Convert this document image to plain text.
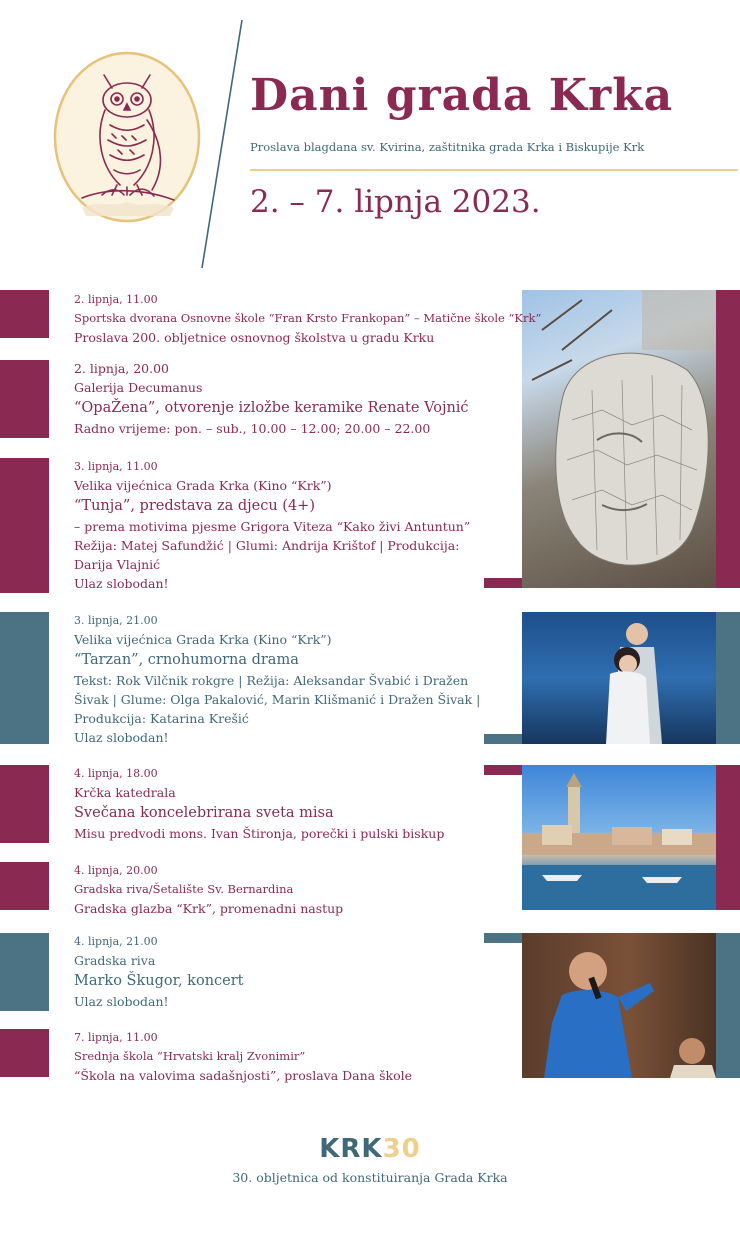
Dani grada Krka
Proslava blagdana sv. Kvirina, zaštitnika grada Krka i Biskupije Krk
2. – 7. lipnja 2023.
2. lipnja, 11.00
Sportska dvorana Osnovne škole “Fran Krsto Frankopan” – Matične škole “Krk”
Proslava 200. obljetnice osnovnog školstva u gradu Krku
2. lipnja, 20.00
Galerija Decumanus
“OpaŽena”, otvorenje izložbe keramike Renate Vojnić
Radno vrijeme: pon. – sub., 10.00 – 12.00; 20.00 – 22.00
3. lipnja, 11.00
Velika vijećnica Grada Krka (Kino “Krk”)
“Tunja”, predstava za djecu (4+)
– prema motivima pjesme Grigora Viteza “Kako živi Antuntun”
Režija: Matej Safundžić | Glumi: Andrija Krištof | Produkcija:
Darija Vlajnić
Ulaz slobodan!
3. lipnja, 21.00
Velika vijećnica Grada Krka (Kino “Krk”)
“Tarzan”, crnohumorna drama
Tekst: Rok Vilčnik rokgre | Režija: Aleksandar Švabić i Dražen
Šivak | Glume: Olga Pakalović, Marin Klišmanić i Dražen Šivak |
Produkcija: Katarina Krešić
Ulaz slobodan!
4. lipnja, 18.00
Krčka katedrala
Svečana koncelebrirana sveta misa
Misu predvodi mons. Ivan Štironja, porečki i pulski biskup
4. lipnja, 20.00
Gradska riva/Šetalište Sv. Bernardina
Gradska glazba “Krk”, promenadni nastup
4. lipnja, 21.00
Gradska riva
Marko Škugor, koncert
Ulaz slobodan!
7. lipnja, 11.00
Srednja škola “Hrvatski kralj Zvonimir”
“Škola na valovima sadašnjosti”, proslava Dana škole
KRK30
30. obljetnica od konstituiranja Grada Krka
